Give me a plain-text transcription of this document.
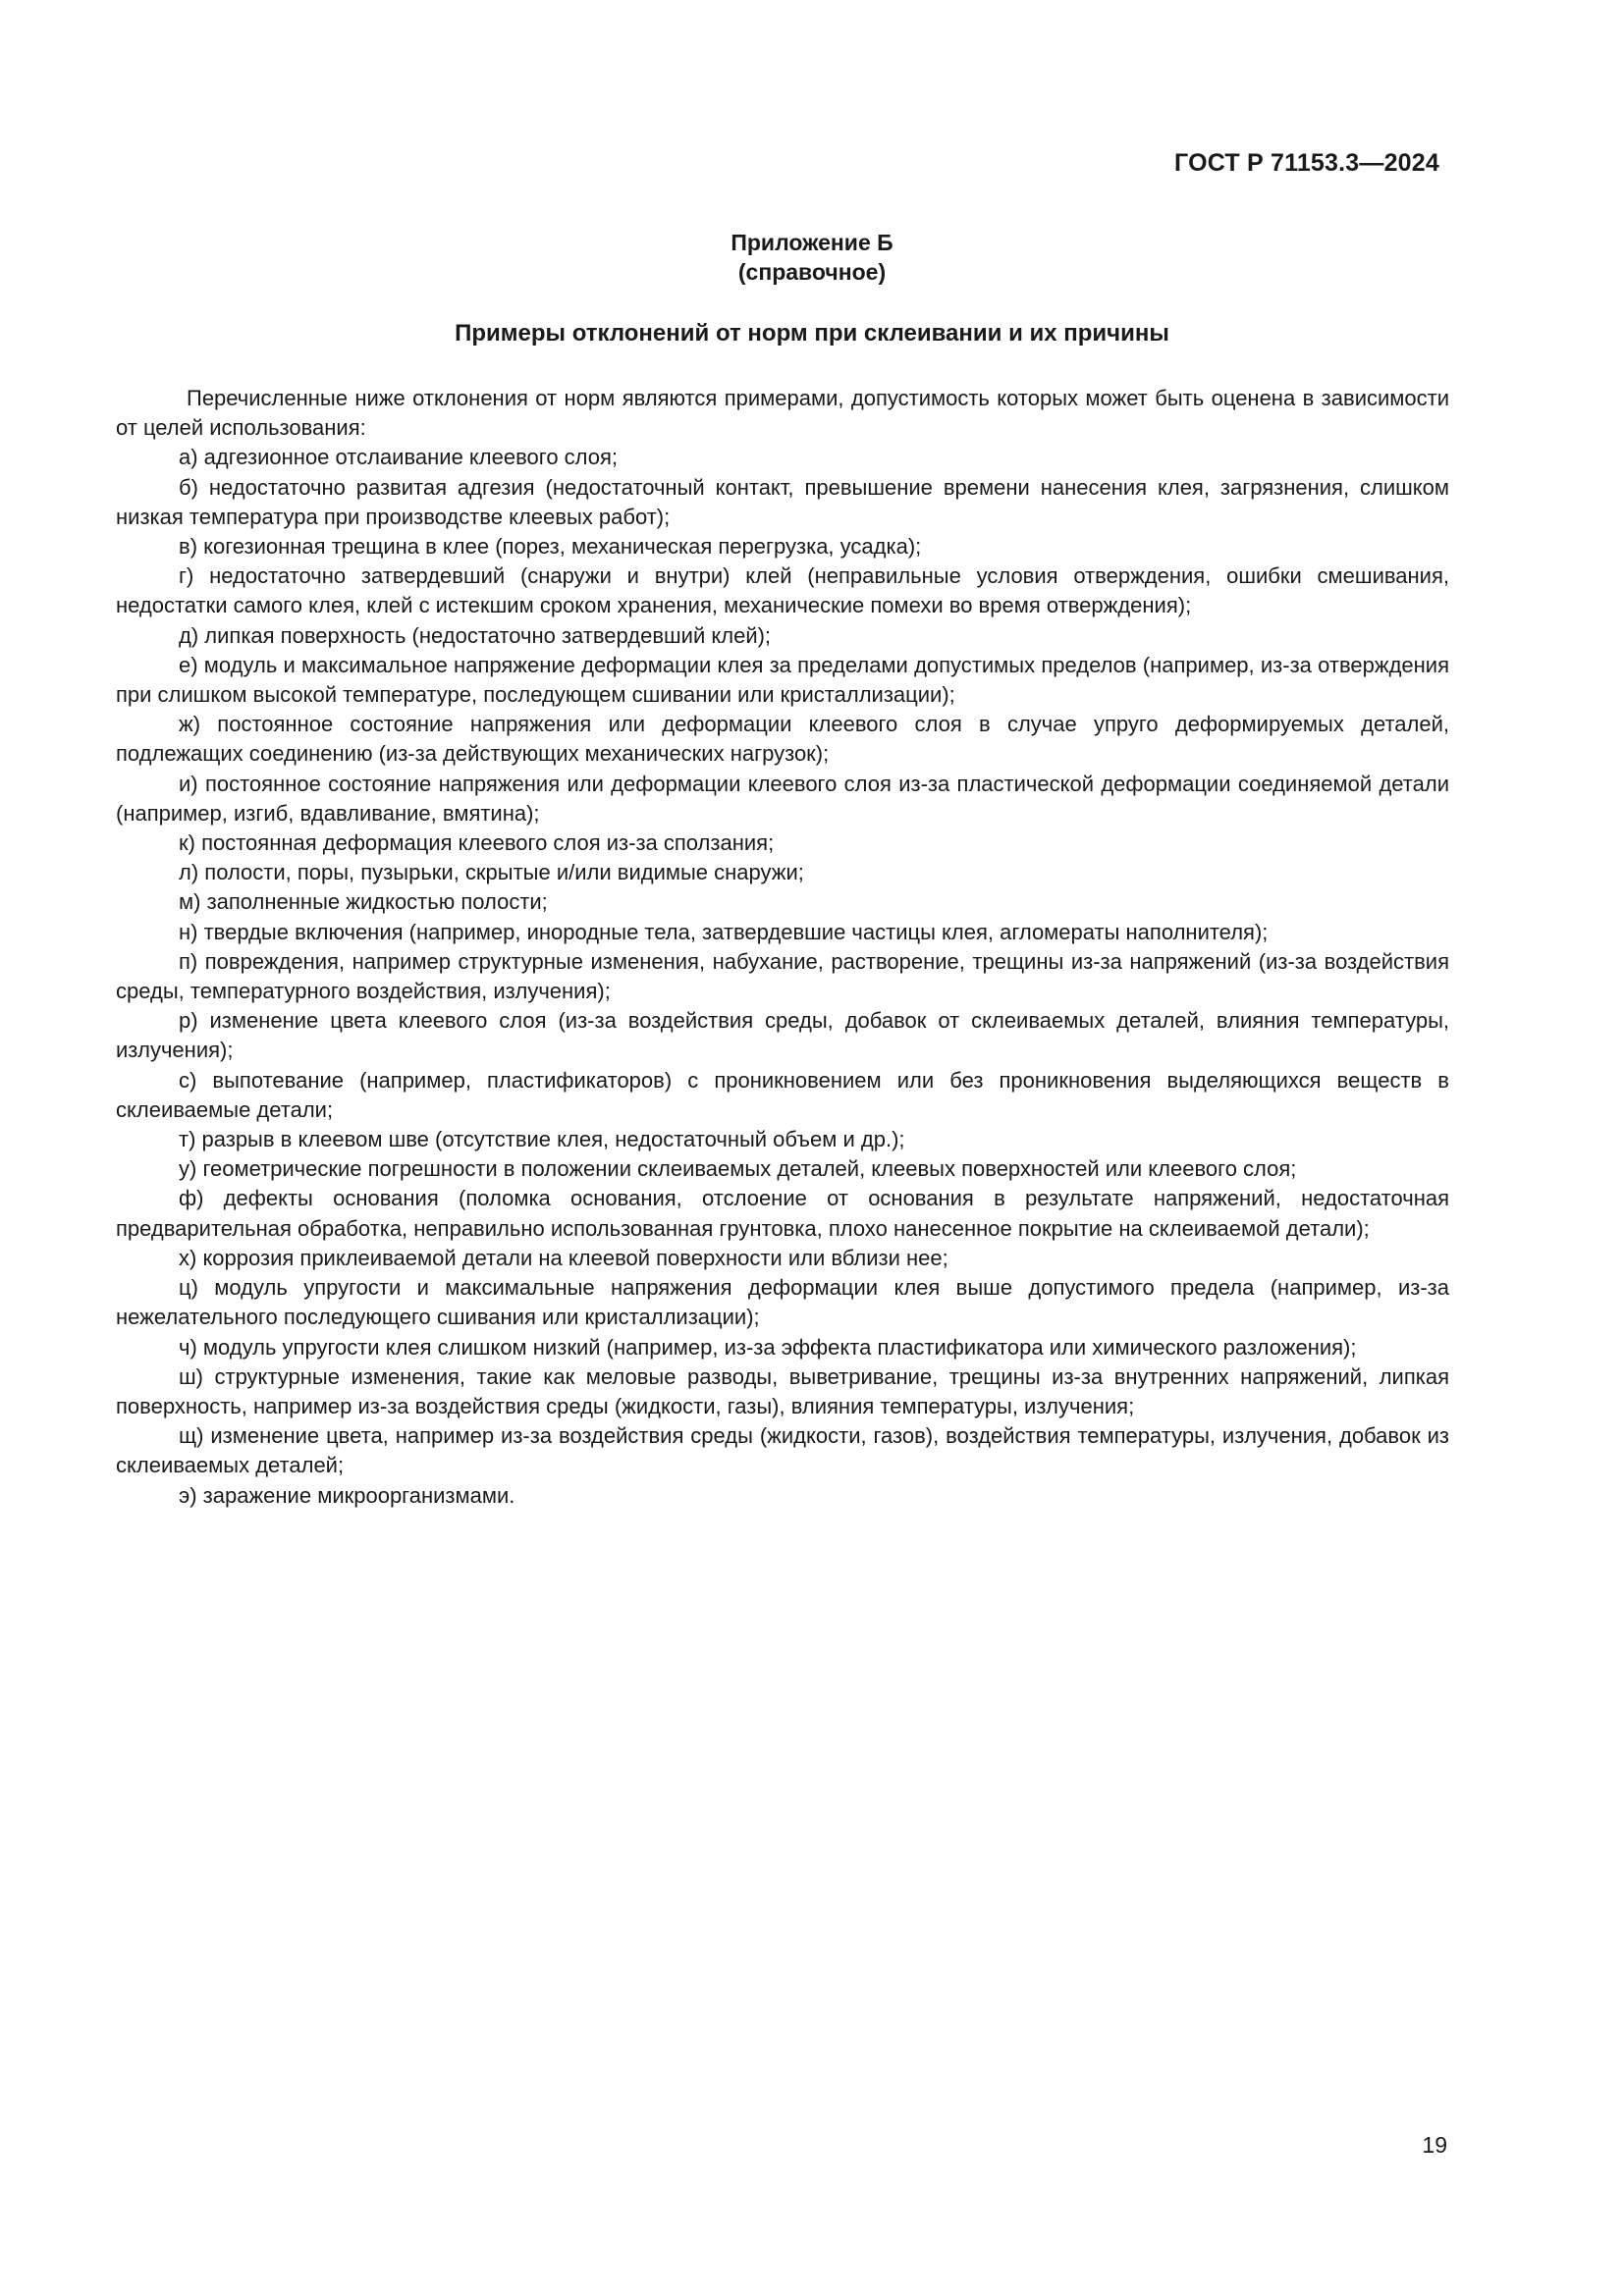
ГОСТ Р 71153.3—2024
Приложение Б
(справочное)
Примеры отклонений от норм при склеивании и их причины

Перечисленные ниже отклонения от норм являются примерами, допустимость которых может быть оценена в зависимости от целей использования:

а) адгезионное отслаивание клеевого слоя;

б) недостаточно развитая адгезия (недостаточный контакт, превышение времени нанесения клея, загрязнения, слишком низкая температура при производстве клеевых работ);

в) когезионная трещина в клее (порез, механическая перегрузка, усадка);

г) недостаточно затвердевший (снаружи и внутри) клей (неправильные условия отверждения, ошибки смешивания, недостатки самого клея, клей с истекшим сроком хранения, механические помехи во время отверждения);

д) липкая поверхность (недостаточно затвердевший клей);

е) модуль и максимальное напряжение деформации клея за пределами допустимых пределов (например, из-за отверждения при слишком высокой температуре, последующем сшивании или кристаллизации);

ж) постоянное состояние напряжения или деформации клеевого слоя в случае упруго деформируемых деталей, подлежащих соединению (из-за действующих механических нагрузок);

и) постоянное состояние напряжения или деформации клеевого слоя из-за пластической деформации соединяемой детали (например, изгиб, вдавливание, вмятина);

к) постоянная деформация клеевого слоя из-за сползания;

л) полости, поры, пузырьки, скрытые и/или видимые снаружи;

м) заполненные жидкостью полости;

н) твердые включения (например, инородные тела, затвердевшие частицы клея, агломераты наполнителя);

п) повреждения, например структурные изменения, набухание, растворение, трещины из-за напряжений (из-за воздействия среды, температурного воздействия, излучения);

р) изменение цвета клеевого слоя (из-за воздействия среды, добавок от склеиваемых деталей, влияния температуры, излучения);

с) выпотевание (например, пластификаторов) с проникновением или без проникновения выделяющихся веществ в склеиваемые детали;

т) разрыв в клеевом шве (отсутствие клея, недостаточный объем и др.);

у) геометрические погрешности в положении склеиваемых деталей, клеевых поверхностей или клеевого слоя;

ф) дефекты основания (поломка основания, отслоение от основания в результате напряжений, недостаточная предварительная обработка, неправильно использованная грунтовка, плохо нанесенное покрытие на склеиваемой детали);

х) коррозия приклеиваемой детали на клеевой поверхности или вблизи нее;

ц) модуль упругости и максимальные напряжения деформации клея выше допустимого предела (например, из-за нежелательного последующего сшивания или кристаллизации);

ч) модуль упругости клея слишком низкий (например, из-за эффекта пластификатора или химического разложения);

ш) структурные изменения, такие как меловые разводы, выветривание, трещины из-за внутренних напряжений, липкая поверхность, например из-за воздействия среды (жидкости, газы), влияния температуры, излучения;

щ) изменение цвета, например из-за воздействия среды (жидкости, газов), воздействия температуры, излучения, добавок из склеиваемых деталей;

э) заражение микроорганизмами.

19
